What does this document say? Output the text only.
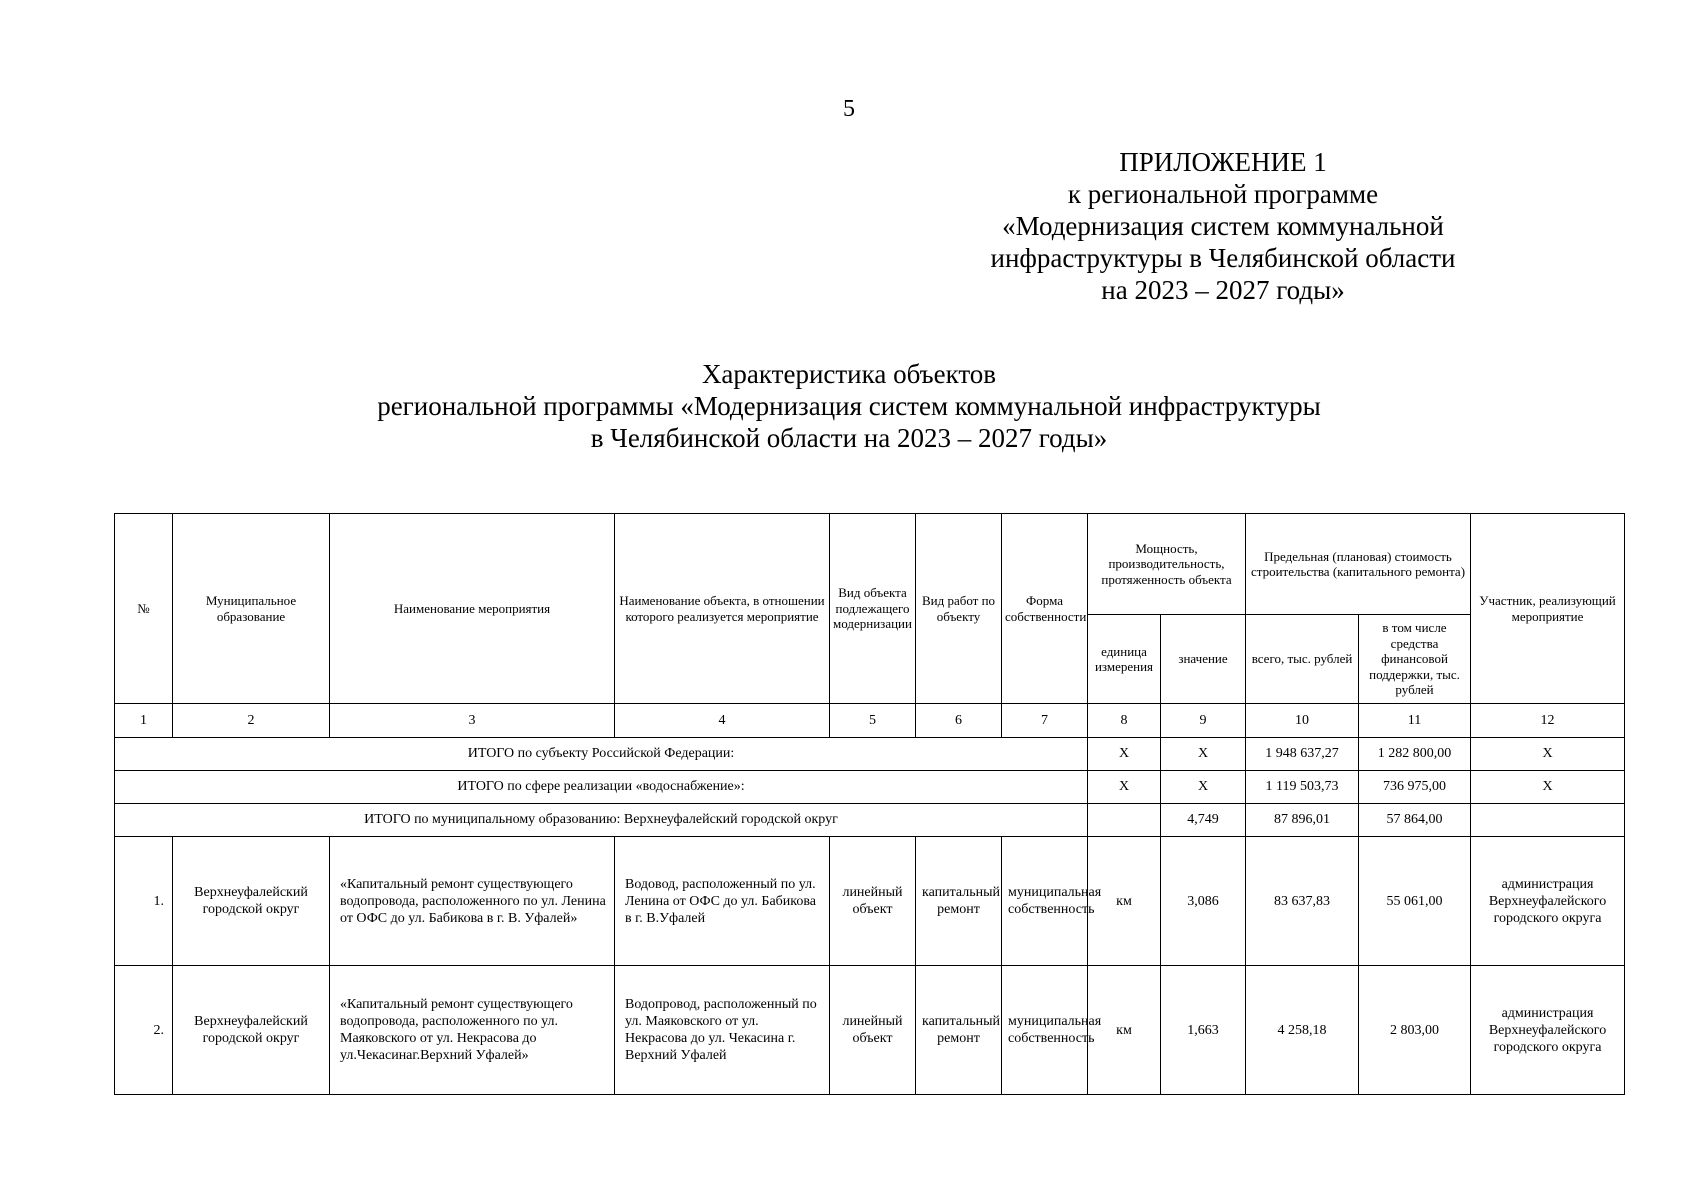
5
ПРИЛОЖЕНИЕ 1
к региональной программе
«Модернизация систем коммунальной
инфраструктуры в Челябинской области
на 2023 – 2027 годы»
Характеристика объектов
региональной программы «Модернизация систем коммунальной инфраструктуры
в Челябинской области на 2023 – 2027 годы»
№	Муниципальное образование	Наименование мероприятия	Наименование объекта, в отношении которого реализуется мероприятие	Вид объекта подлежащего модернизации	Вид работ по объекту	Форма собственности	Мощность, производительность, протяженность объекта		Предельная (плановая) стоимость строительства (капитального ремонта)		Участник, реализующий мероприятие
							единица измерения	значение	всего, тыс. рублей	в том числе средства финансовой поддержки, тыс. рублей	
1	2	3	4	5	6	7	8	9	10	11	12
ИТОГО по субъекту Российской Федерации:							X	X	1 948 637,27	1 282 800,00	X
ИТОГО по сфере реализации «водоснабжение»:							X	X	1 119 503,73	736 975,00	X
ИТОГО по муниципальному образованию: Верхнеуфалейский городской округ								4,749	87 896,01	57 864,00	
1.	Верхнеуфалейский городской округ	«Капитальный ремонт существующего водопровода, расположенного по ул. Ленина от ОФС до ул. Бабикова в г. В. Уфалей»	Водовод, расположенный по ул. Ленина от ОФС до ул. Бабикова в г. В.Уфалей	линейный объект	капитальный ремонт	муниципальная собственность	км	3,086	83 637,83	55 061,00	администрация Верхнеуфалейского городского округа
2.	Верхнеуфалейский городской округ	«Капитальный ремонт существующего водопровода, расположенного по ул. Маяковского от ул. Некрасова до ул.Чекасинаг.Верхний Уфалей»	Водопровод, расположенный по ул. Маяковского от ул. Некрасова до ул. Чекасина г. Верхний Уфалей	линейный объект	капитальный ремонт	муниципальная собственность	км	1,663	4 258,18	2 803,00	администрация Верхнеуфалейского городского округа
